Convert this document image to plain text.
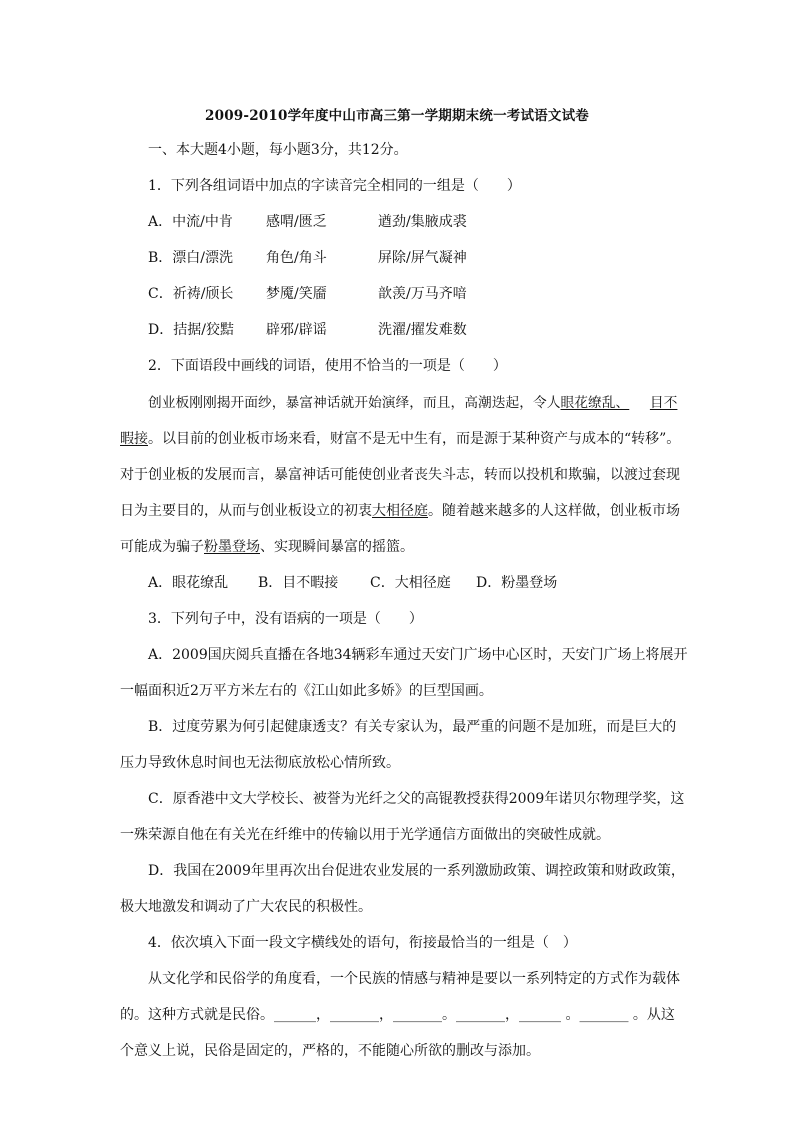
2009-2010学年度中山市高三第一学期期末统一考试语文试卷
一、本大题4小题，每小题3分，共12分。
1．下列各组词语中加点的字读音完全相同的一组是（　　）
A．中流/中肯 感喟/匮乏	遒劲/集腋成裘
B．漂白/漂洗 角色/角斗	屏除/屏气凝神
C．祈祷/颀长 梦魇/笑靥	歆羡/万马齐喑
D．拮据/狡黠 辟邪/辟谣	洗濯/擢发难数
2．下面语段中画线的词语，使用不恰当的一项是（　　）
创业板刚刚揭开面纱，暴富神话就开始演绎，而且，高潮迭起，令人眼花缭乱、   目不
暇接。以目前的创业板市场来看，财富不是无中生有，而是源于某种资产与成本的“转移”。
对于创业板的发展而言，暴富神话可能使创业者丧失斗志，转而以投机和欺骗，以渡过套现
日为主要目的，从而与创业板设立的初衷大相径庭。随着越来越多的人这样做，创业板市场
可能成为骗子粉墨登场、实现瞬间暴富的摇篮。
A．眼花缭乱 B．目不暇接 C．大相径庭 D．粉墨登场
3．下列句子中，没有语病的一项是（　　）
A．2009国庆阅兵直播在各地34辆彩车通过天安门广场中心区时，天安门广场上将展开
一幅面积近2万平方米左右的《江山如此多娇》的巨型国画。
B．过度劳累为何引起健康透支？有关专家认为，最严重的问题不是加班，而是巨大的
压力导致休息时间也无法彻底放松心情所致。
C．原香港中文大学校长、被誉为光纤之父的高锟教授获得2009年诺贝尔物理学奖，这
一殊荣源自他在有关光在纤维中的传输以用于光学通信方面做出的突破性成就。
D．我国在2009年里再次出台促进农业发展的一系列激励政策、调控政策和财政政策，
极大地激发和调动了广大农民的积极性。
4．依次填入下面一段文字横线处的语句，衔接最恰当的一组是（　）
从文化学和民俗学的角度看，一个民族的情感与精神是要以一系列特定的方式作为载体
的。这种方式就是民俗。______，_______，_______。_______，______ 。_______ 。从这
个意义上说，民俗是固定的，严格的，不能随心所欲的删改与添加。
